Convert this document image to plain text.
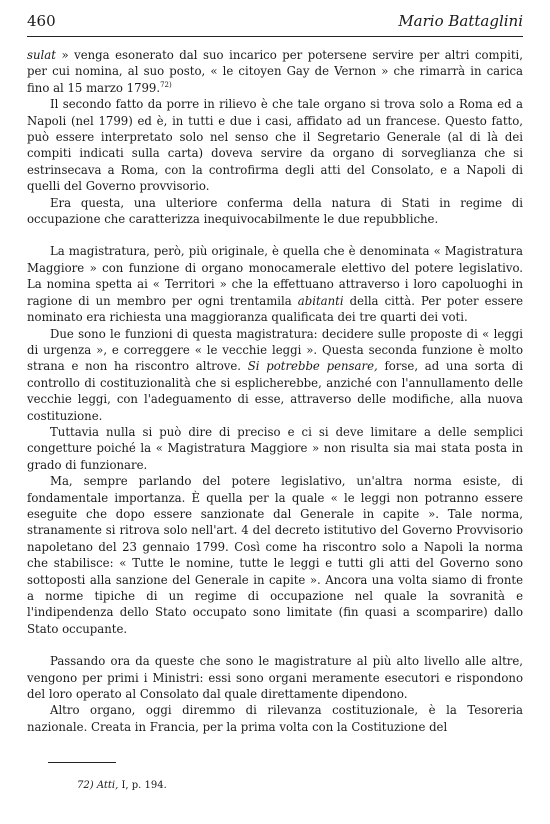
460	Mario Battaglini

sulat » venga esonerato dal suo incarico per potersene servire per altri compiti, per cui nomina, al suo posto, « le citoyen Gay de Vernon » che rimarrà in carica fino al 15 marzo 1799.$^{72)}$

Il secondo fatto da porre in rilievo è che tale organo si trova solo a Roma ed a Napoli (nel 1799) ed è, in tutti e due i casi, affidato ad un francese. Questo fatto, può essere interpretato solo nel senso che il Segretario Generale (al di là dei compiti indicati sulla carta) doveva servire da organo di sorveglianza che si estrinsecava a Roma, con la controfirma degli atti del Consolato, e a Napoli di quelli del Governo provvisorio.

Era questa, una ulteriore conferma della natura di Stati in regime di occupazione che caratterizza inequivocabilmente le due repubbliche.

La magistratura, però, più originale, è quella che è denominata « Magistratura Maggiore » con funzione di organo monocamerale elettivo del potere legislativo. La nomina spetta ai « Territori » che la effettuano attraverso i loro capoluoghi in ragione di un membro per ogni trentamila abitanti della città. Per poter essere nominato era richiesta una maggioranza qualificata dei tre quarti dei voti.

Due sono le funzioni di questa magistratura: decidere sulle proposte di « leggi di urgenza », e correggere « le vecchie leggi ». Questa seconda funzione è molto strana e non ha riscontro altrove. Si potrebbe pensare, forse, ad una sorta di controllo di costituzionalità che si esplicherebbe, anziché con l'annullamento delle vecchie leggi, con l'adeguamento di esse, attraverso delle modifiche, alla nuova costituzione.

Tuttavia nulla si può dire di preciso e ci si deve limitare a delle semplici congetture poiché la « Magistratura Maggiore » non risulta sia mai stata posta in grado di funzionare.

Ma, sempre parlando del potere legislativo, un'altra norma esiste, di fondamentale importanza. È quella per la quale « le leggi non potranno essere eseguite che dopo essere sanzionate dal Generale in capite ». Tale norma, stranamente si ritrova solo nell'art. 4 del decreto istitutivo del Governo Provvisorio napoletano del 23 gennaio 1799. Così come ha riscontro solo a Napoli la norma che stabilisce: « Tutte le nomine, tutte le leggi e tutti gli atti del Governo sono sottoposti alla sanzione del Generale in capite ». Ancora una volta siamo di fronte a norme tipiche di un regime di occupazione nel quale la sovranità e l'indipendenza dello Stato occupato sono limitate (fin quasi a scomparire) dallo Stato occupante.

Passando ora da queste che sono le magistrature al più alto livello alle altre, vengono per primi i Ministri: essi sono organi meramente esecutori e rispondono del loro operato al Consolato dal quale direttamente dipendono.

Altro organo, oggi diremmo di rilevanza costituzionale, è la Tesoreria nazionale. Creata in Francia, per la prima volta con la Costituzione del

72) Atti, I, p. 194.
